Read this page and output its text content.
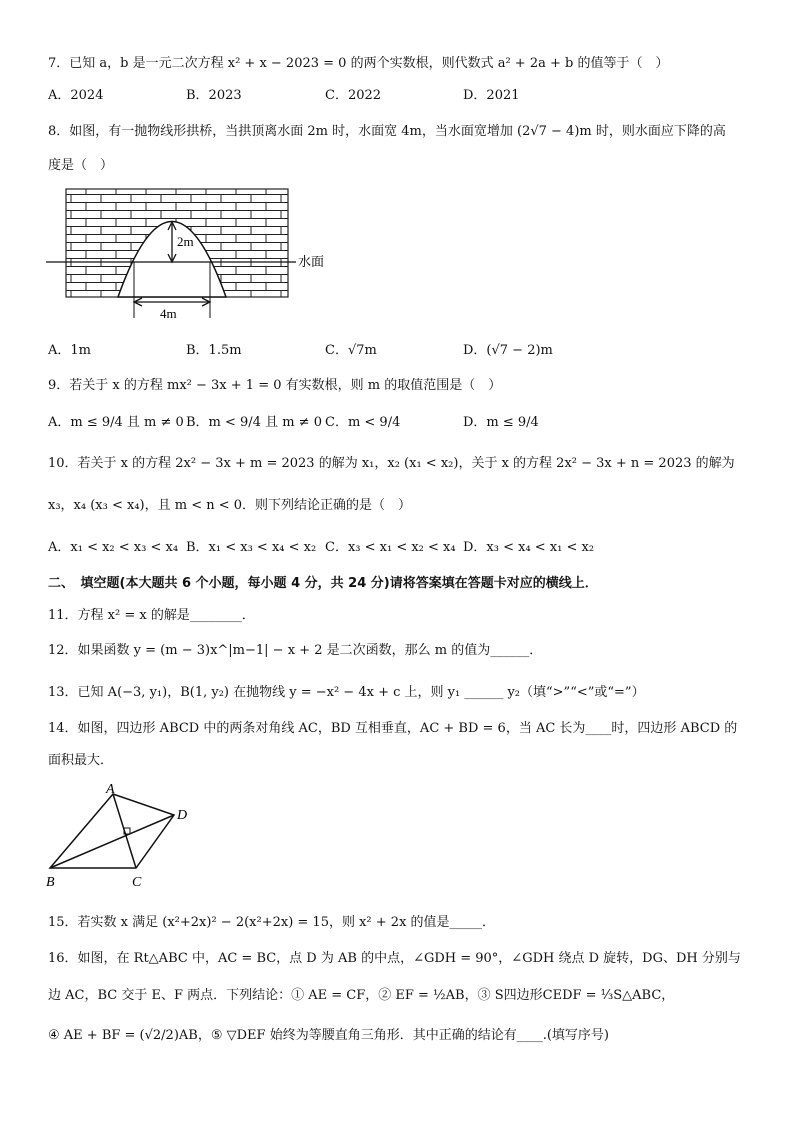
7．已知 a，b 是一元二次方程 x² + x − 2023 = 0 的两个实数根，则代数式 a² + 2a + b 的值等于（　）
A．2024	B．2023	C．2022	D．2021
8．如图，有一抛物线形拱桥，当拱顶离水面 2m 时，水面宽 4m，当水面宽增加 (2√7 − 4)m 时，则水面应下降的高
度是（　）
2m
4m
水面
A．1m	B．1.5m	C．√7m	D．(√7 − 2)m
9．若关于 x 的方程 mx² − 3x + 1 = 0 有实数根，则 m 的取值范围是（　）
A．m ≤ 9/4 且 m ≠ 0 B．m < 9/4 且 m ≠ 0 C．m < 9/4	D．m ≤ 9/4
10．若关于 x 的方程 2x² − 3x + m = 2023 的解为 x₁，x₂ (x₁ < x₂)，关于 x 的方程 2x² − 3x + n = 2023 的解为
x₃，x₄ (x₃ < x₄)，且 m < n < 0．则下列结论正确的是（　）
A．x₁ < x₂ < x₃ < x₄ B．x₁ < x₃ < x₄ < x₂ C．x₃ < x₁ < x₂ < x₄ D．x₃ < x₄ < x₁ < x₂
二、　填空题(本大题共 6 个小题，每小题 4 分，共 24 分)请将答案填在答题卡对应的横线上．
11．方程 x² = x 的解是________．
12．如果函数 y = (m − 3)x^|m−1| − x + 2 是二次函数，那么 m 的值为______．
13．已知 A(−3, y₁)，B(1, y₂) 在抛物线 y = −x² − 4x + c 上，则 y₁ ______ y₂（填“>”“<”或“=”）
14．如图，四边形 ABCD 中的两条对角线 AC，BD 互相垂直，AC + BD = 6，当 AC 长为____时，四边形 ABCD 的
面积最大．
A
D
B	C
15．若实数 x 满足 (x²+2x)² − 2(x²+2x) = 15，则 x² + 2x 的值是_____．
16．如图，在 Rt△ABC 中，AC = BC，点 D 为 AB 的中点，∠GDH = 90°，∠GDH 绕点 D 旋转，DG、DH 分别与
边 AC，BC 交于 E、F 两点．下列结论：① AE = CF，② EF = ½AB，③ S四边形CEDF = ⅓S△ABC，
④ AE + BF = (√2/2)AB，⑤ ▽DEF 始终为等腰直角三角形．其中正确的结论有____.(填写序号)
